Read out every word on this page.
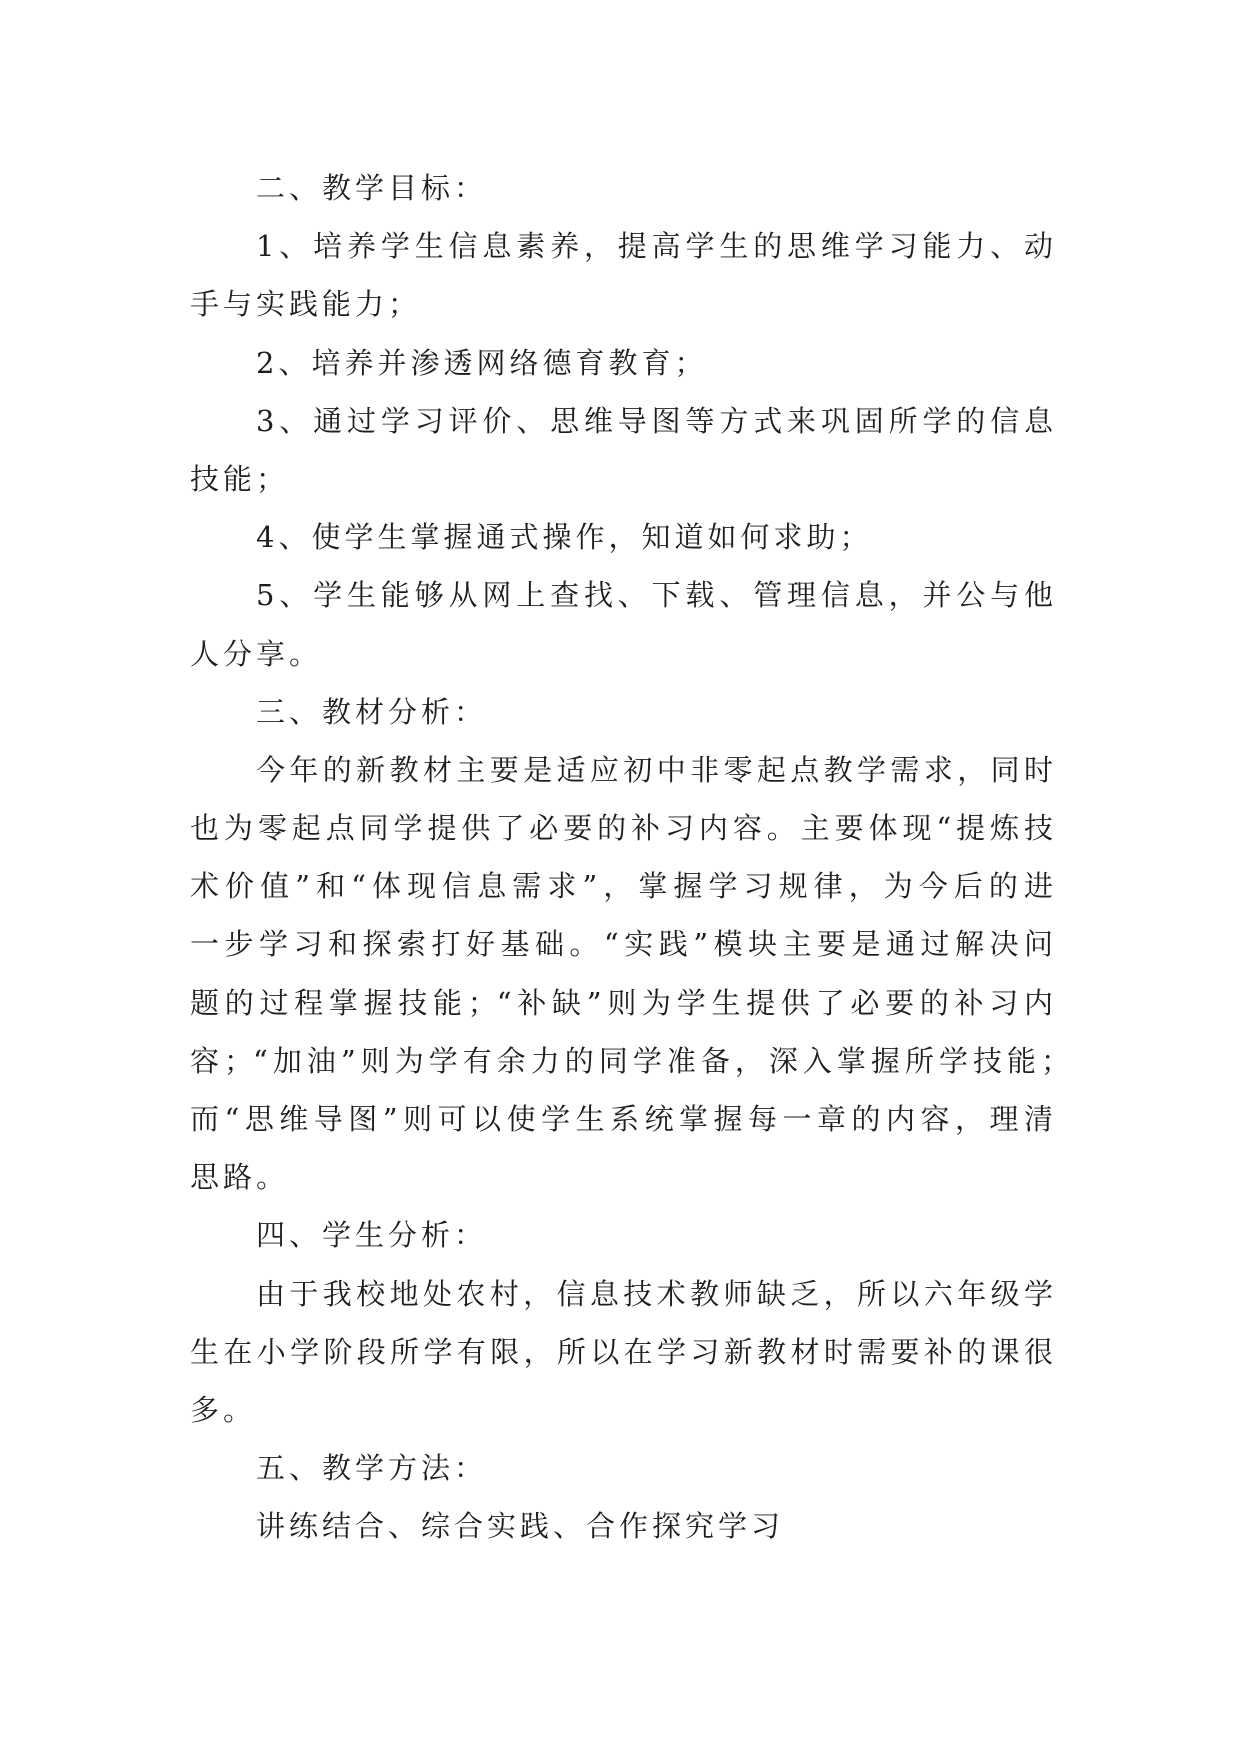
二、教学目标：
1、培养学生信息素养，提高学生的思维学习能力、动
手与实践能力；
2、培养并渗透网络德育教育；
3、通过学习评价、思维导图等方式来巩固所学的信息
技能；
4、使学生掌握通式操作，知道如何求助；
5、学生能够从网上查找、下载、管理信息，并公与他
人分享。
三、教材分析：
今年的新教材主要是适应初中非零起点教学需求，同时
也为零起点同学提供了必要的补习内容。主要体现“提炼技
术价值”和“体现信息需求”，掌握学习规律，为今后的进
一步学习和探索打好基础。“实践”模块主要是通过解决问
题的过程掌握技能；“补缺”则为学生提供了必要的补习内
容；“加油”则为学有余力的同学准备，深入掌握所学技能；
而“思维导图”则可以使学生系统掌握每一章的内容，理清
思路。
四、学生分析：
由于我校地处农村，信息技术教师缺乏，所以六年级学
生在小学阶段所学有限，所以在学习新教材时需要补的课很
多。
五、教学方法：
讲练结合、综合实践、合作探究学习
